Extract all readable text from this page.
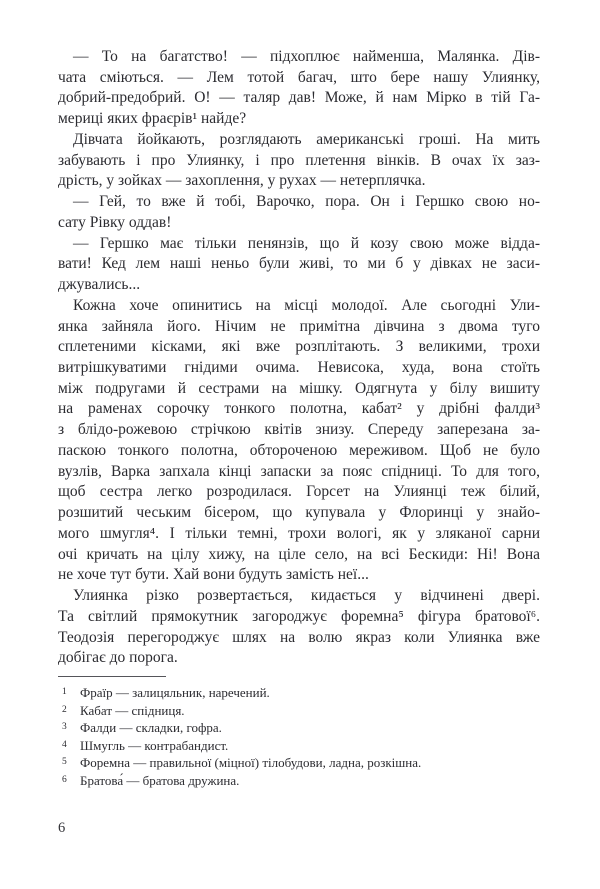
— То на багатство! — підхоплює найменша, Малянка. Дів-
чата сміються. — Лем тотой багач, што бере нашу Улиянку,
добрий-предобрий. О! — таляр дав! Може, й нам Мірко в тій Га-
мериці яких фраєрів¹ найде?
Дівчата йойкають, розглядають американські гроші. На мить
забувають і про Улиянку, і про плетення вінків. В очах їх заз-
дрість, у зойках — захоплення, у рухах — нетерплячка.
— Гей, то вже й тобі, Варочко, пора. Он і Гершко свою но-
сату Рівку оддав!
— Гершко має тільки пенянзів, що й козу свою може відда-
вати! Кед лем наші неньо були живі, то ми б у дівках не заси-
джувались...
Кожна хоче опинитись на місці молодої. Але сьогодні Ули-
янка зайняла його. Нічим не примітна дівчина з двома туго
сплетеними кісками, які вже розплітають. З великими, трохи
витрішкуватими гнідими очима. Невисока, худа, вона стоїть
між подругами й сестрами на мішку. Одягнута у білу вишиту
на раменах сорочку тонкого полотна, кабат² у дрібні фалди³
з блідо-рожевою стрічкою квітів знизу. Спереду заперезана за-
паскою тонкого полотна, обтороченою мереживом. Щоб не було
вузлів, Варка запхала кінці запаски за пояс спідниці. То для того,
щоб сестра легко розродилася. Горсет на Улиянці теж білий,
розшитий чеським бісером, що купувала у Флоринці у знайо-
мого шмугля⁴. І тільки темні, трохи вологі, як у зляканої сарни
очі кричать на цілу хижу, на ціле село, на всі Бескиди: Ні! Вона
не хоче тут бути. Хай вони будуть замість неї...
Улиянка різко розвертається, кидається у відчинені двері.
Та світлий прямокутник загороджує форемна⁵ фігура братової⁶.
Теодозія перегороджує шлях на волю якраз коли Улиянка вже
добігає до порога.
1	Фраїр — залицяльник, наречений.
2	Кабат — спідниця.
3	Фалди — складки, гофра.
4	Шмугль — контрабандист.
5	Форемна — правильної (міцної) тілобудови, ладна, розкішна.
6	Братова́ — братова дружина.
6
